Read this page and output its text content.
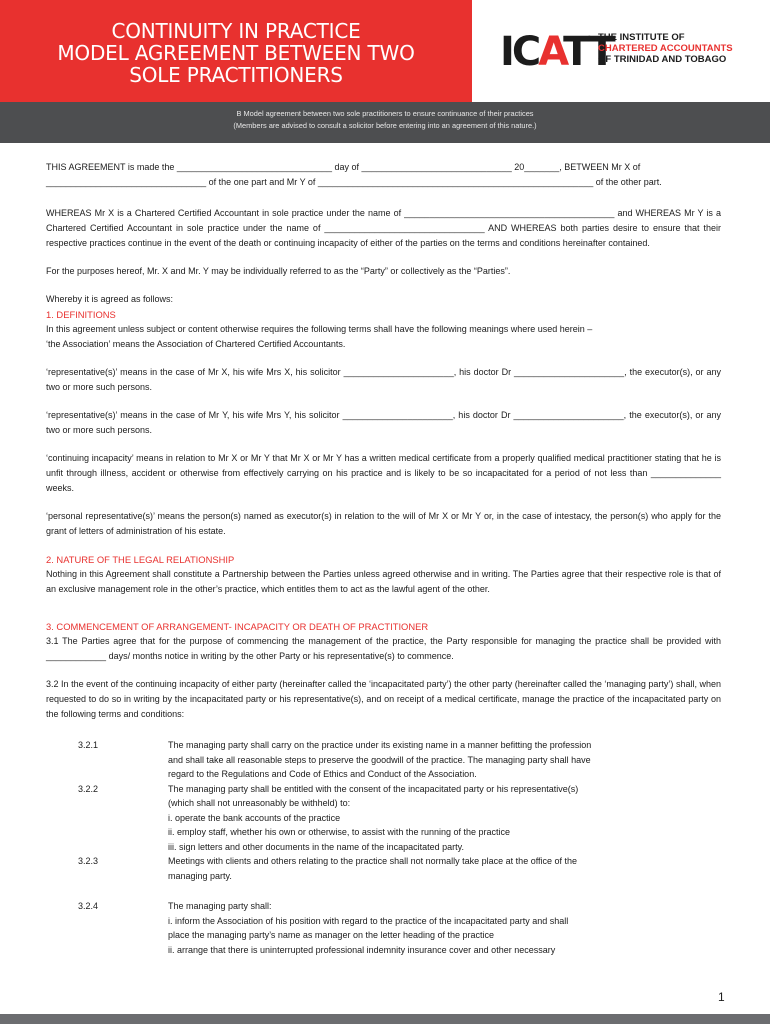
CONTINUITY IN PRACTICE
MODEL AGREEMENT BETWEEN TWO
SOLE PRACTITIONERS	ICATT
THE INSTITUTE OF
CHARTERED ACCOUNTANTS
OF TRINIDAD AND TOBAGO
B Model agreement between two sole practitioners to ensure continuance of their practices
(Members are advised to consult a solicitor before entering into an agreement of this nature.)

THIS AGREEMENT is made the _______________________________ day of ______________________________ 20_______, BETWEEN Mr X of

________________________________ of the one part and Mr Y of _______________________________________________________ of the other part.

WHEREAS Mr X is a Chartered Certified Accountant in sole practice under the name of __________________________________________ and WHEREAS Mr Y is a Chartered Certified Accountant in sole practice under the name of ________________________________ AND WHEREAS both parties desire to ensure that their respective practices continue in the event of the death or continuing incapacity of either of the parties on the terms and conditions hereinafter contained.

For the purposes hereof, Mr. X and Mr. Y may be individually referred to as the “Party” or collectively as the “Parties”.

Whereby it is agreed as follows:

1. DEFINITIONS

In this agreement unless subject or content otherwise requires the following terms shall have the following meanings where used herein –

‘the Association’ means the Association of Chartered Certified Accountants.

‘representative(s)’ means in the case of Mr X, his wife Mrs X, his solicitor ______________________, his doctor Dr ______________________, the executor(s), or any two or more such persons.

‘representative(s)’ means in the case of Mr Y, his wife Mrs Y, his solicitor ______________________, his doctor Dr ______________________, the executor(s), or any two or more such persons.

‘continuing incapacity’ means in relation to Mr X or Mr Y that Mr X or Mr Y has a written medical certificate from a properly qualified medical practitioner stating that he is unfit through illness, accident or otherwise from effectively carrying on his practice and is likely to be so incapacitated for a period of not less than ______________ weeks.

‘personal representative(s)’ means the person(s) named as executor(s) in relation to the will of Mr X or Mr Y or, in the case of intestacy, the person(s) who apply for the grant of letters of administration of his estate.

2. NATURE OF THE LEGAL RELATIONSHIP

Nothing in this Agreement shall constitute a Partnership between the Parties unless agreed otherwise and in writing. The Parties agree that their respective role is that of an exclusive management role in the other’s practice, which entitles them to act as the lawful agent of the other.

3. COMMENCEMENT OF ARRANGEMENT- INCAPACITY OR DEATH OF PRACTITIONER

3.1 The Parties agree that for the purpose of commencing the management of the practice, the Party responsible for managing the practice shall be provided with ____________ days/ months notice in writing by the other Party or his representative(s) to commence.

3.2 In the event of the continuing incapacity of either party (hereinafter called the ‘incapacitated party’) the other party (hereinafter called the ‘managing party’) shall, when requested to do so in writing by the incapacitated party or his representative(s), and on receipt of a medical certificate, manage the practice of the incapacitated party on the following terms and conditions:

3.2.1	The managing party shall carry on the practice under its existing name in a manner befitting the profession
and shall take all reasonable steps to preserve the goodwill of the practice. The managing party shall have
regard to the Regulations and Code of Ethics and Conduct of the Association.
3.2.2	The managing party shall be entitled with the consent of the incapacitated party or his representative(s)
(which shall not unreasonably be withheld) to:
i. operate the bank accounts of the practice
ii. employ staff, whether his own or otherwise, to assist with the running of the practice
iii. sign letters and other documents in the name of the incapacitated party.
3.2.3	Meetings with clients and others relating to the practice shall not normally take place at the office of the
managing party.
3.2.4	The managing party shall:
i. inform the Association of his position with regard to the practice of the incapacitated party and shall
place the managing party’s name as manager on the letter heading of the practice
ii. arrange that there is uninterrupted professional indemnity insurance cover and other necessary
1
